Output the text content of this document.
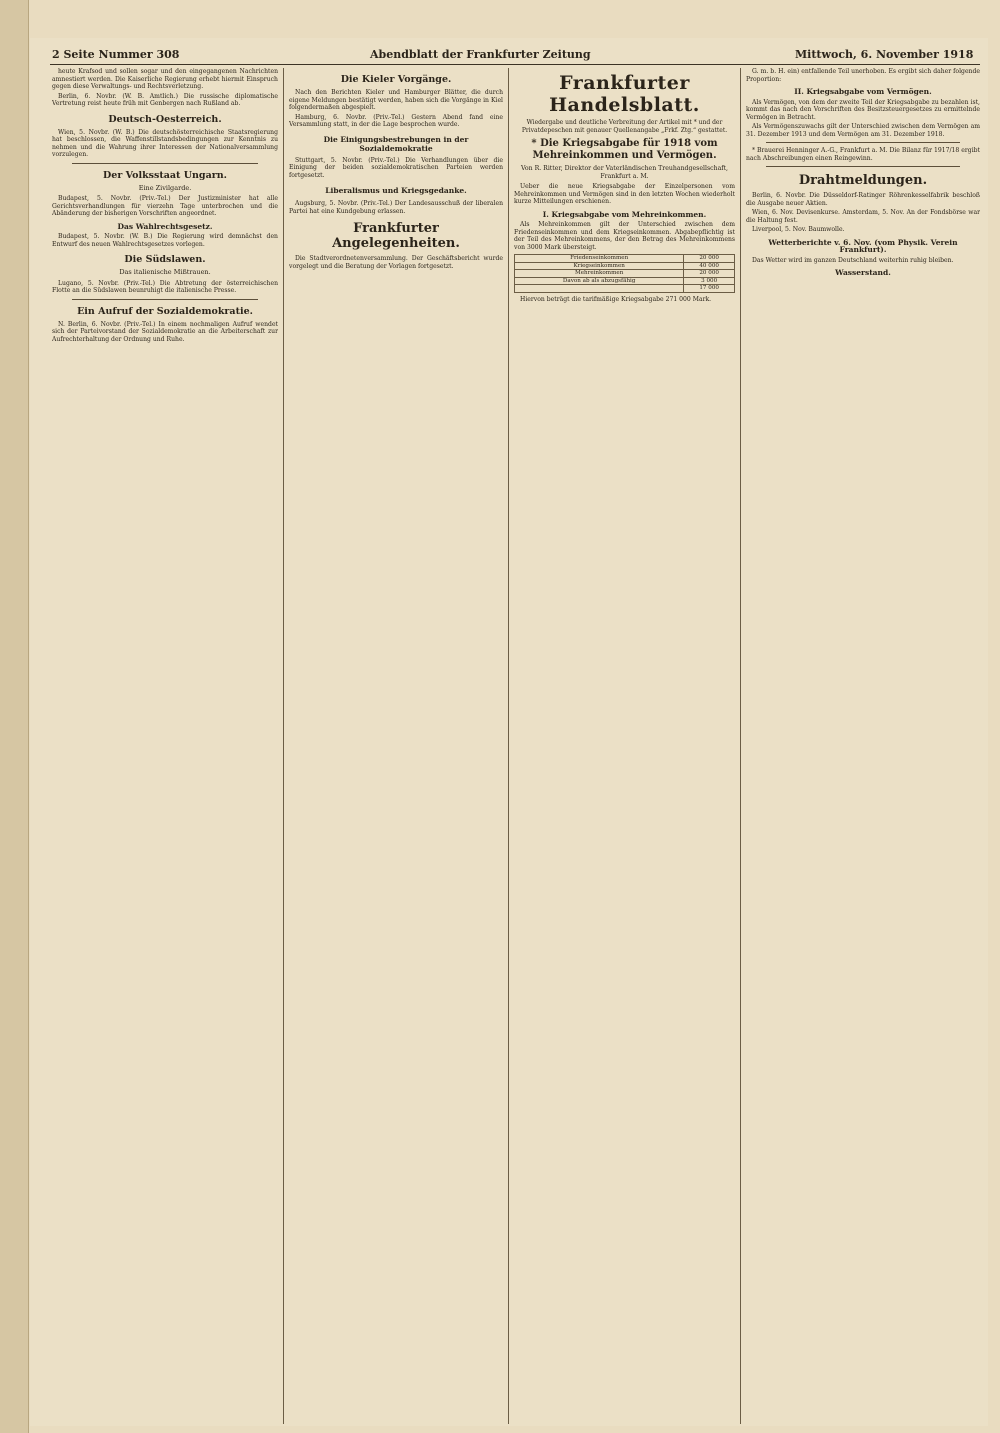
2 Seite Nummer 308	Abendblatt der Frankfurter Zeitung	Mittwoch, 6. November 1918

heute Krafsod und sollen sogar und den eingegangenen Nachrichten amnestiert werden. Die Kaiserliche Regierung erhebt hiermit Einspruch gegen diese Verwaltungs- und Rechtsverletzung.

Berlin, 6. Novbr. (W. B. Amtlich.) Die russische diplomatische Vertretung reist heute früh mit Genbergen nach Rußland ab.

Deutsch-Oesterreich.

Wien, 5. Novbr. (W. B.) Die deutschösterreichische Staatsregierung hat beschlossen, die Waffenstillstandsbedingungen zur Kenntnis zu nehmen und die Wahrung ihrer Interessen der Nationalversammlung vorzulegen.

Der Volksstaat Ungarn.
Eine Zivilgarde.

Budapest, 5. Novbr. (Priv.-Tel.) Der Justizminister hat alle Gerichtsverhandlungen für vierzehn Tage unterbrochen und die Abänderung der bisherigen Vorschriften angeordnet.

Das Wahlrechtsgesetz.

Budapest, 5. Novbr. (W. B.) Die Regierung wird demnächst den Entwurf des neuen Wahlrechtsgesetzes vorlegen.

Die Südslawen.
Das italienische Mißtrauen.

Lugano, 5. Novbr. (Priv.-Tel.) Die Abtretung der österreichischen Flotte an die Südslawen beunruhigt die italienische Presse.

Ein Aufruf der Sozialdemokratie.

N. Berlin, 6. Novbr. (Priv.-Tel.) In einem nochmaligen Aufruf wendet sich der Parteivorstand der Sozialdemokratie an die Arbeiterschaft zur Aufrechterhaltung der Ordnung und Ruhe.

Die Kieler Vorgänge.

Nach den Berichten Kieler und Hamburger Blätter, die durch eigene Meldungen bestätigt werden, haben sich die Vorgänge in Kiel folgendermaßen abgespielt.

Hamburg, 6. Novbr. (Priv.-Tel.) Gestern Abend fand eine Versammlung statt, in der die Lage besprochen wurde.

Die Einigungsbestrebungen in der Sozialdemokratie

Stuttgart, 5. Novbr. (Priv.-Tel.) Die Verhandlungen über die Einigung der beiden sozialdemokratischen Parteien werden fortgesetzt.

Liberalismus und Kriegsgedanke.

Augsburg, 5. Novbr. (Priv.-Tel.) Der Landesausschuß der liberalen Partei hat eine Kundgebung erlassen.

Frankfurter Angelegenheiten.

Die Stadtverordnetenversammlung. Der Geschäftsbericht wurde vorgelegt und die Beratung der Vorlagen fortgesetzt.

Frankfurter Handelsblatt.
Wiedergabe und deutliche Verbreitung der Artikel mit * und der Privatdepeschen mit genauer Quellenangabe „Frkf. Ztg.“ gestattet.
* Die Kriegsabgabe für 1918 vom Mehreinkommen und Vermögen.
Von R. Ritter, Direktor der Vaterländischen Treuhandgesellschaft, Frankfurt a. M.

Ueber die neue Kriegsabgabe der Einzelpersonen vom Mehreinkommen und Vermögen sind in den letzten Wochen wiederholt kurze Mitteilungen erschienen.

I. Kriegsabgabe vom Mehreinkommen.

Als Mehreinkommen gilt der Unterschied zwischen dem Friedenseinkommen und dem Kriegseinkommen. Abgabepflichtig ist der Teil des Mehreinkommens, der den Betrag des Mehreinkommens von 3000 Mark übersteigt.

Friedenseinkommen	20 000
Kriegseinkommen	40 000
Mehreinkommen	20 000
Davon ab als abzugsfähig	3 000
	17 000

Hiervon beträgt die tarifmäßige Kriegsabgabe 271 000 Mark.

G. m. b. H. ein) entfallende Teil unerhoben. Es ergibt sich daher folgende Proportion:

II. Kriegsabgabe vom Vermögen.

Als Vermögen, von dem der zweite Teil der Kriegsabgabe zu bezahlen ist, kommt das nach den Vorschriften des Besitzsteuergesetzes zu ermittelnde Vermögen in Betracht.

Als Vermögenszuwachs gilt der Unterschied zwischen dem Vermögen am 31. Dezember 1913 und dem Vermögen am 31. Dezember 1918.

* Brauerei Henninger A.-G., Frankfurt a. M. Die Bilanz für 1917/18 ergibt nach Abschreibungen einen Reingewinn.

Drahtmeldungen.

Berlin, 6. Novbr. Die Düsseldorf-Ratinger Röhrenkesselfabrik beschloß die Ausgabe neuer Aktien.

Wien, 6. Nov. Devisenkurse. Amsterdam, 5. Nov. An der Fondsbörse war die Haltung fest.

Liverpool, 5. Nov. Baumwolle.

Wetterberichte v. 6. Nov. (vom Physik. Verein Frankfurt).

Das Wetter wird im ganzen Deutschland weiterhin ruhig bleiben.

Wasserstand.
